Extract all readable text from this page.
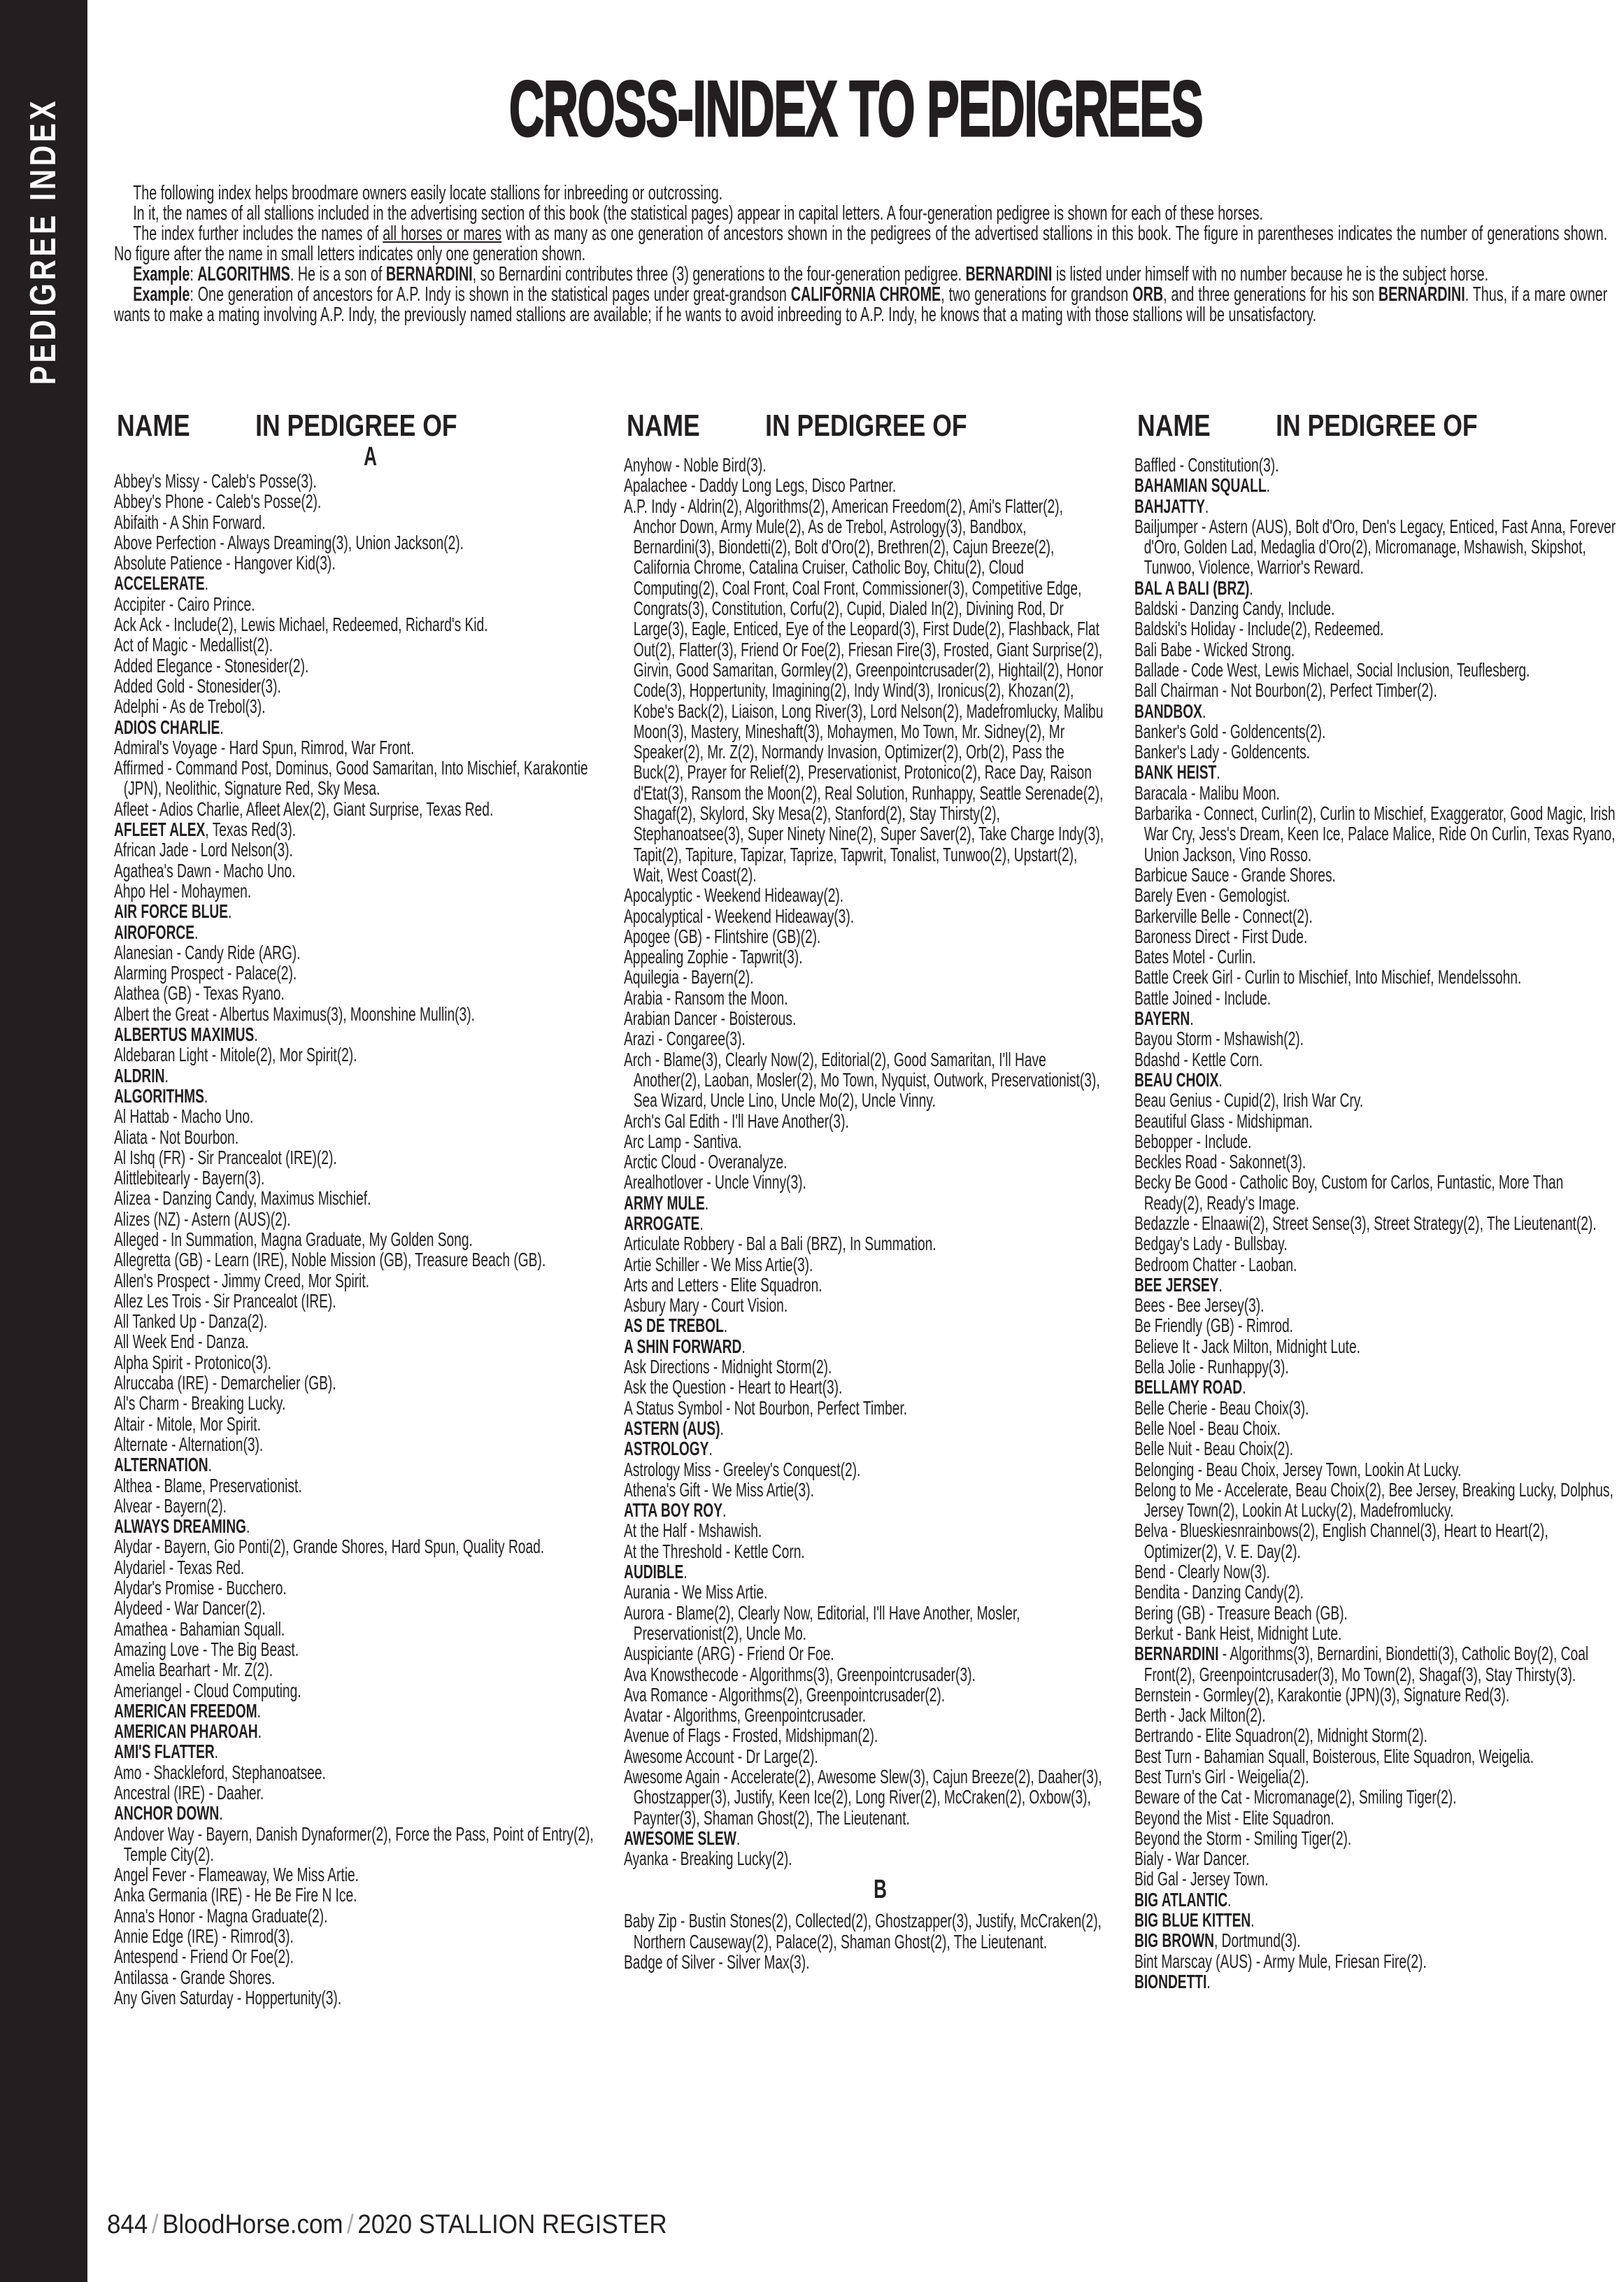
PEDIGREE INDEX	CROSS-INDEX TO PEDIGREES

The following index helps broodmare owners easily locate stallions for inbreeding or outcrossing.

In it, the names of all stallions included in the advertising section of this book (the statistical pages) appear in capital letters. A four-generation pedigree is shown for each of these horses.

The index further includes the names of all horses or mares with as many as one generation of ancestors shown in the pedigrees of the advertised stallions in this book. The figure in parentheses indicates the number of generations shown. No figure after the name in small letters indicates only one generation shown.

Example: ALGORITHMS. He is a son of BERNARDINI, so Bernardini contributes three (3) generations to the four-generation pedigree. BERNARDINI is listed under himself with no number because he is the subject horse.

Example: One generation of ancestors for A.P. Indy is shown in the statistical pages under great-grandson CALIFORNIA CHROME, two generations for grandson ORB, and three generations for his son BERNARDINI. Thus, if a mare owner wants to make a mating involving A.P. Indy, the previously named stallions are available; if he wants to avoid inbreeding to A.P. Indy, he knows that a mating with those stallions will be unsatisfactory.

NAME IN PEDIGREE OF
A
Abbey's Missy - Caleb's Posse(3).
Abbey's Phone - Caleb's Posse(2).
Abifaith - A Shin Forward.
Above Perfection - Always Dreaming(3), Union Jackson(2).
Absolute Patience - Hangover Kid(3).
ACCELERATE.
Accipiter - Cairo Prince.
Ack Ack - Include(2), Lewis Michael, Redeemed, Richard's Kid.
Act of Magic - Medallist(2).
Added Elegance - Stonesider(2).
Added Gold - Stonesider(3).
Adelphi - As de Trebol(3).
ADIOS CHARLIE.
Admiral's Voyage - Hard Spun, Rimrod, War Front.
Affirmed - Command Post, Dominus, Good Samaritan, Into Mischief, Karakontie (JPN), Neolithic, Signature Red, Sky Mesa.
Afleet - Adios Charlie, Afleet Alex(2), Giant Surprise, Texas Red.
AFLEET ALEX, Texas Red(3).
African Jade - Lord Nelson(3).
Agathea's Dawn - Macho Uno.
Ahpo Hel - Mohaymen.
AIR FORCE BLUE.
AIROFORCE.
Alanesian - Candy Ride (ARG).
Alarming Prospect - Palace(2).
Alathea (GB) - Texas Ryano.
Albert the Great - Albertus Maximus(3), Moonshine Mullin(3).
ALBERTUS MAXIMUS.
Aldebaran Light - Mitole(2), Mor Spirit(2).
ALDRIN.
ALGORITHMS.
Al Hattab - Macho Uno.
Aliata - Not Bourbon.
Al Ishq (FR) - Sir Prancealot (IRE)(2).
Alittlebitearly - Bayern(3).
Alizea - Danzing Candy, Maximus Mischief.
Alizes (NZ) - Astern (AUS)(2).
Alleged - In Summation, Magna Graduate, My Golden Song.
Allegretta (GB) - Learn (IRE), Noble Mission (GB), Treasure Beach (GB).
Allen's Prospect - Jimmy Creed, Mor Spirit.
Allez Les Trois - Sir Prancealot (IRE).
All Tanked Up - Danza(2).
All Week End - Danza.
Alpha Spirit - Protonico(3).
Alruccaba (IRE) - Demarchelier (GB).
Al's Charm - Breaking Lucky.
Altair - Mitole, Mor Spirit.
Alternate - Alternation(3).
ALTERNATION.
Althea - Blame, Preservationist.
Alvear - Bayern(2).
ALWAYS DREAMING.
Alydar - Bayern, Gio Ponti(2), Grande Shores, Hard Spun, Quality Road.
Alydariel - Texas Red.
Alydar's Promise - Bucchero.
Alydeed - War Dancer(2).
Amathea - Bahamian Squall.
Amazing Love - The Big Beast.
Amelia Bearhart - Mr. Z(2).
Ameriangel - Cloud Computing.
AMERICAN FREEDOM.
AMERICAN PHAROAH.
AMI'S FLATTER.
Amo - Shackleford, Stephanoatsee.
Ancestral (IRE) - Daaher.
ANCHOR DOWN.
Andover Way - Bayern, Danish Dynaformer(2), Force the Pass, Point of Entry(2), Temple City(2).
Angel Fever - Flameaway, We Miss Artie.
Anka Germania (IRE) - He Be Fire N Ice.
Anna's Honor - Magna Graduate(2).
Annie Edge (IRE) - Rimrod(3).
Antespend - Friend Or Foe(2).
Antilassa - Grande Shores.
Any Given Saturday - Hoppertunity(3).
NAME IN PEDIGREE OF
Anyhow - Noble Bird(3).
Apalachee - Daddy Long Legs, Disco Partner.
A.P. Indy - Aldrin(2), Algorithms(2), American Freedom(2), Ami's Flatter(2), Anchor Down, Army Mule(2), As de Trebol, Astrology(3), Bandbox, Bernardini(3), Biondetti(2), Bolt d'Oro(2), Brethren(2), Cajun Breeze(2), California Chrome, Catalina Cruiser, Catholic Boy, Chitu(2), Cloud Computing(2), Coal Front, Coal Front, Commissioner(3), Competitive Edge, Congrats(3), Constitution, Corfu(2), Cupid, Dialed In(2), Divining Rod, Dr Large(3), Eagle, Enticed, Eye of the Leopard(3), First Dude(2), Flashback, Flat Out(2), Flatter(3), Friend Or Foe(2), Friesan Fire(3), Frosted, Giant Surprise(2), Girvin, Good Samaritan, Gormley(2), Greenpointcrusader(2), Hightail(2), Honor Code(3), Hoppertunity, Imagining(2), Indy Wind(3), Ironicus(2), Khozan(2), Kobe's Back(2), Liaison, Long River(3), Lord Nelson(2), Madefromlucky, Malibu Moon(3), Mastery, Mineshaft(3), Mohaymen, Mo Town, Mr. Sidney(2), Mr Speaker(2), Mr. Z(2), Normandy Invasion, Optimizer(2), Orb(2), Pass the Buck(2), Prayer for Relief(2), Preservationist, Protonico(2), Race Day, Raison d'Etat(3), Ransom the Moon(2), Real Solution, Runhappy, Seattle Serenade(2), Shagaf(2), Skylord, Sky Mesa(2), Stanford(2), Stay Thirsty(2), Stephanoatsee(3), Super Ninety Nine(2), Super Saver(2), Take Charge Indy(3), Tapit(2), Tapiture, Tapizar, Taprize, Tapwrit, Tonalist, Tunwoo(2), Upstart(2), Wait, West Coast(2).
Apocalyptic - Weekend Hideaway(2).
Apocalyptical - Weekend Hideaway(3).
Apogee (GB) - Flintshire (GB)(2).
Appealing Zophie - Tapwrit(3).
Aquilegia - Bayern(2).
Arabia - Ransom the Moon.
Arabian Dancer - Boisterous.
Arazi - Congaree(3).
Arch - Blame(3), Clearly Now(2), Editorial(2), Good Samaritan, I'll Have Another(2), Laoban, Mosler(2), Mo Town, Nyquist, Outwork, Preservationist(3), Sea Wizard, Uncle Lino, Uncle Mo(2), Uncle Vinny.
Arch's Gal Edith - I'll Have Another(3).
Arc Lamp - Santiva.
Arctic Cloud - Overanalyze.
Arealhotlover - Uncle Vinny(3).
ARMY MULE.
ARROGATE.
Articulate Robbery - Bal a Bali (BRZ), In Summation.
Artie Schiller - We Miss Artie(3).
Arts and Letters - Elite Squadron.
Asbury Mary - Court Vision.
AS DE TREBOL.
A SHIN FORWARD.
Ask Directions - Midnight Storm(2).
Ask the Question - Heart to Heart(3).
A Status Symbol - Not Bourbon, Perfect Timber.
ASTERN (AUS).
ASTROLOGY.
Astrology Miss - Greeley's Conquest(2).
Athena's Gift - We Miss Artie(3).
ATTA BOY ROY.
At the Half - Mshawish.
At the Threshold - Kettle Corn.
AUDIBLE.
Aurania - We Miss Artie.
Aurora - Blame(2), Clearly Now, Editorial, I'll Have Another, Mosler, Preservationist(2), Uncle Mo.
Auspiciante (ARG) - Friend Or Foe.
Ava Knowsthecode - Algorithms(3), Greenpointcrusader(3).
Ava Romance - Algorithms(2), Greenpointcrusader(2).
Avatar - Algorithms, Greenpointcrusader.
Avenue of Flags - Frosted, Midshipman(2).
Awesome Account - Dr Large(2).
Awesome Again - Accelerate(2), Awesome Slew(3), Cajun Breeze(2), Daaher(3), Ghostzapper(3), Justify, Keen Ice(2), Long River(2), McCraken(2), Oxbow(3), Paynter(3), Shaman Ghost(2), The Lieutenant.
AWESOME SLEW.
Ayanka - Breaking Lucky(2).
B
Baby Zip - Bustin Stones(2), Collected(2), Ghostzapper(3), Justify, McCraken(2), Northern Causeway(2), Palace(2), Shaman Ghost(2), The Lieutenant.
Badge of Silver - Silver Max(3).
NAME IN PEDIGREE OF
Baffled - Constitution(3).
BAHAMIAN SQUALL.
BAHJATTY.
Bailjumper - Astern (AUS), Bolt d'Oro, Den's Legacy, Enticed, Fast Anna, Forever d'Oro, Golden Lad, Medaglia d'Oro(2), Micromanage, Mshawish, Skipshot, Tunwoo, Violence, Warrior's Reward.
BAL A BALI (BRZ).
Baldski - Danzing Candy, Include.
Baldski's Holiday - Include(2), Redeemed.
Bali Babe - Wicked Strong.
Ballade - Code West, Lewis Michael, Social Inclusion, Teuflesberg.
Ball Chairman - Not Bourbon(2), Perfect Timber(2).
BANDBOX.
Banker's Gold - Goldencents(2).
Banker's Lady - Goldencents.
BANK HEIST.
Baracala - Malibu Moon.
Barbarika - Connect, Curlin(2), Curlin to Mischief, Exaggerator, Good Magic, Irish War Cry, Jess's Dream, Keen Ice, Palace Malice, Ride On Curlin, Texas Ryano, Union Jackson, Vino Rosso.
Barbicue Sauce - Grande Shores.
Barely Even - Gemologist.
Barkerville Belle - Connect(2).
Baroness Direct - First Dude.
Bates Motel - Curlin.
Battle Creek Girl - Curlin to Mischief, Into Mischief, Mendelssohn.
Battle Joined - Include.
BAYERN.
Bayou Storm - Mshawish(2).
Bdashd - Kettle Corn.
BEAU CHOIX.
Beau Genius - Cupid(2), Irish War Cry.
Beautiful Glass - Midshipman.
Bebopper - Include.
Beckles Road - Sakonnet(3).
Becky Be Good - Catholic Boy, Custom for Carlos, Funtastic, More Than Ready(2), Ready's Image.
Bedazzle - Elnaawi(2), Street Sense(3), Street Strategy(2), The Lieutenant(2).
Bedgay's Lady - Bullsbay.
Bedroom Chatter - Laoban.
BEE JERSEY.
Bees - Bee Jersey(3).
Be Friendly (GB) - Rimrod.
Believe It - Jack Milton, Midnight Lute.
Bella Jolie - Runhappy(3).
BELLAMY ROAD.
Belle Cherie - Beau Choix(3).
Belle Noel - Beau Choix.
Belle Nuit - Beau Choix(2).
Belonging - Beau Choix, Jersey Town, Lookin At Lucky.
Belong to Me - Accelerate, Beau Choix(2), Bee Jersey, Breaking Lucky, Dolphus, Jersey Town(2), Lookin At Lucky(2), Madefromlucky.
Belva - Blueskiesnrainbows(2), English Channel(3), Heart to Heart(2), Optimizer(2), V. E. Day(2).
Bend - Clearly Now(3).
Bendita - Danzing Candy(2).
Bering (GB) - Treasure Beach (GB).
Berkut - Bank Heist, Midnight Lute.
BERNARDINI - Algorithms(3), Bernardini, Biondetti(3), Catholic Boy(2), Coal Front(2), Greenpointcrusader(3), Mo Town(2), Shagaf(3), Stay Thirsty(3).
Bernstein - Gormley(2), Karakontie (JPN)(3), Signature Red(3).
Berth - Jack Milton(2).
Bertrando - Elite Squadron(2), Midnight Storm(2).
Best Turn - Bahamian Squall, Boisterous, Elite Squadron, Weigelia.
Best Turn's Girl - Weigelia(2).
Beware of the Cat - Micromanage(2), Smiling Tiger(2).
Beyond the Mist - Elite Squadron.
Beyond the Storm - Smiling Tiger(2).
Bialy - War Dancer.
Bid Gal - Jersey Town.
BIG ATLANTIC.
BIG BLUE KITTEN.
BIG BROWN, Dortmund(3).
Bint Marscay (AUS) - Army Mule, Friesan Fire(2).
BIONDETTI.
844 / BloodHorse.com / 2020 STALLION REGISTER
